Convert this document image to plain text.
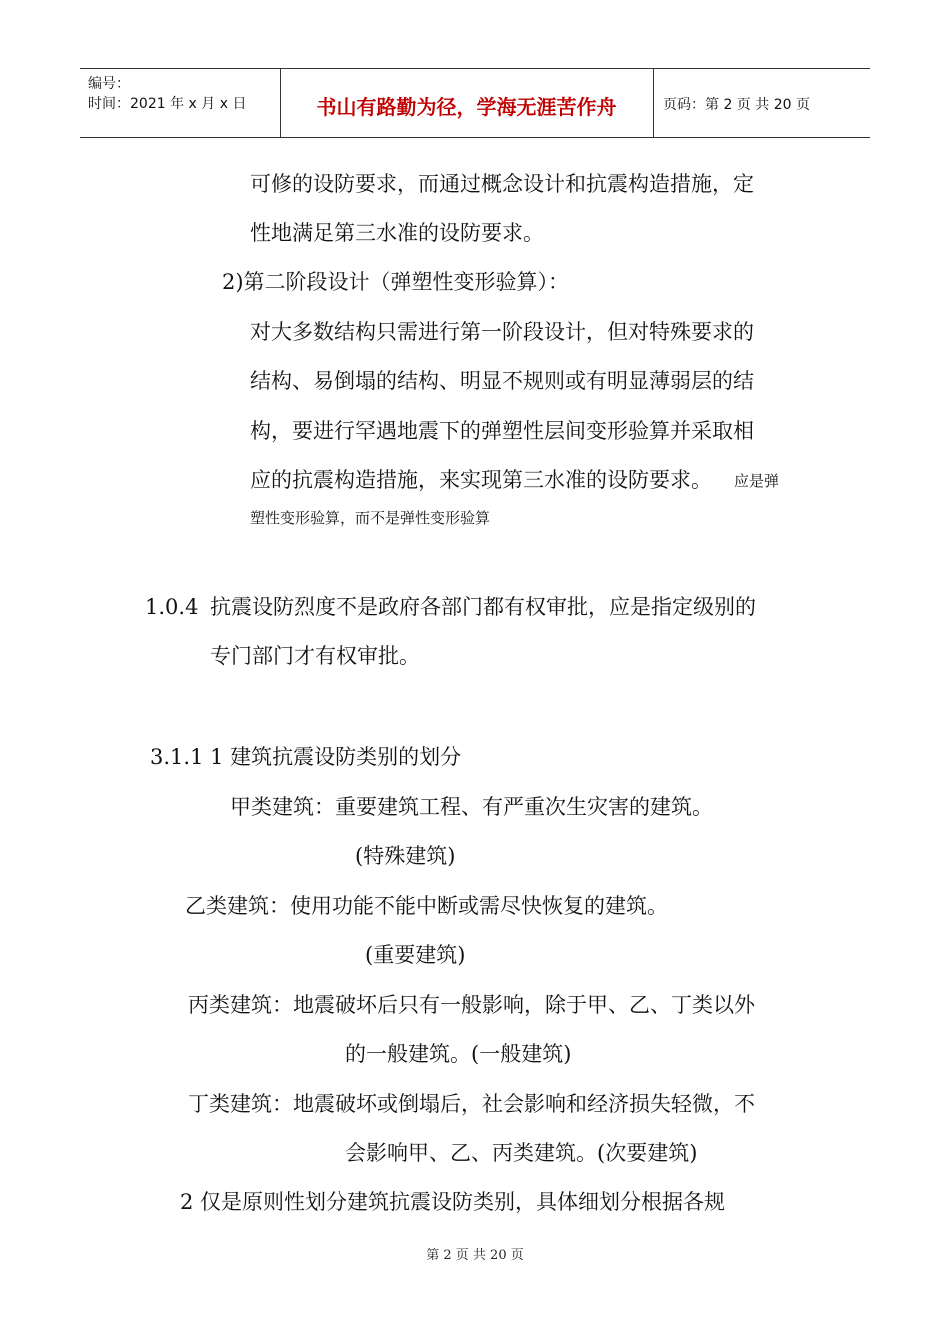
编号：
时间：2021 年 x 月 x 日	书山有路勤为径，学海无涯苦作舟	页码：第 2 页 共 20 页
可修的设防要求，而通过概念设计和抗震构造措施，定
性地满足第三水准的设防要求。
2)第二阶段设计（弹塑性变形验算）：
对大多数结构只需进行第一阶段设计，但对特殊要求的
结构、易倒塌的结构、明显不规则或有明显薄弱层的结
构，要进行罕遇地震下的弹塑性层间变形验算并采取相
应的抗震构造措施，来实现第三水准的设防要求。 应是弹
塑性变形验算，而不是弹性变形验算
1.0.4 抗震设防烈度不是政府各部门都有权审批，应是指定级别的
专门部门才有权审批。
3.1.1 1 建筑抗震设防类别的划分
甲类建筑：重要建筑工程、有严重次生灾害的建筑。
(特殊建筑)
乙类建筑：使用功能不能中断或需尽快恢复的建筑。
(重要建筑)
丙类建筑：地震破坏后只有一般影响，除于甲、乙、丁类以外
的一般建筑。(一般建筑)
丁类建筑：地震破坏或倒塌后，社会影响和经济损失轻微，不
会影响甲、乙、丙类建筑。(次要建筑)
2 仅是原则性划分建筑抗震设防类别，具体细划分根据各规
第 2 页 共 20 页
